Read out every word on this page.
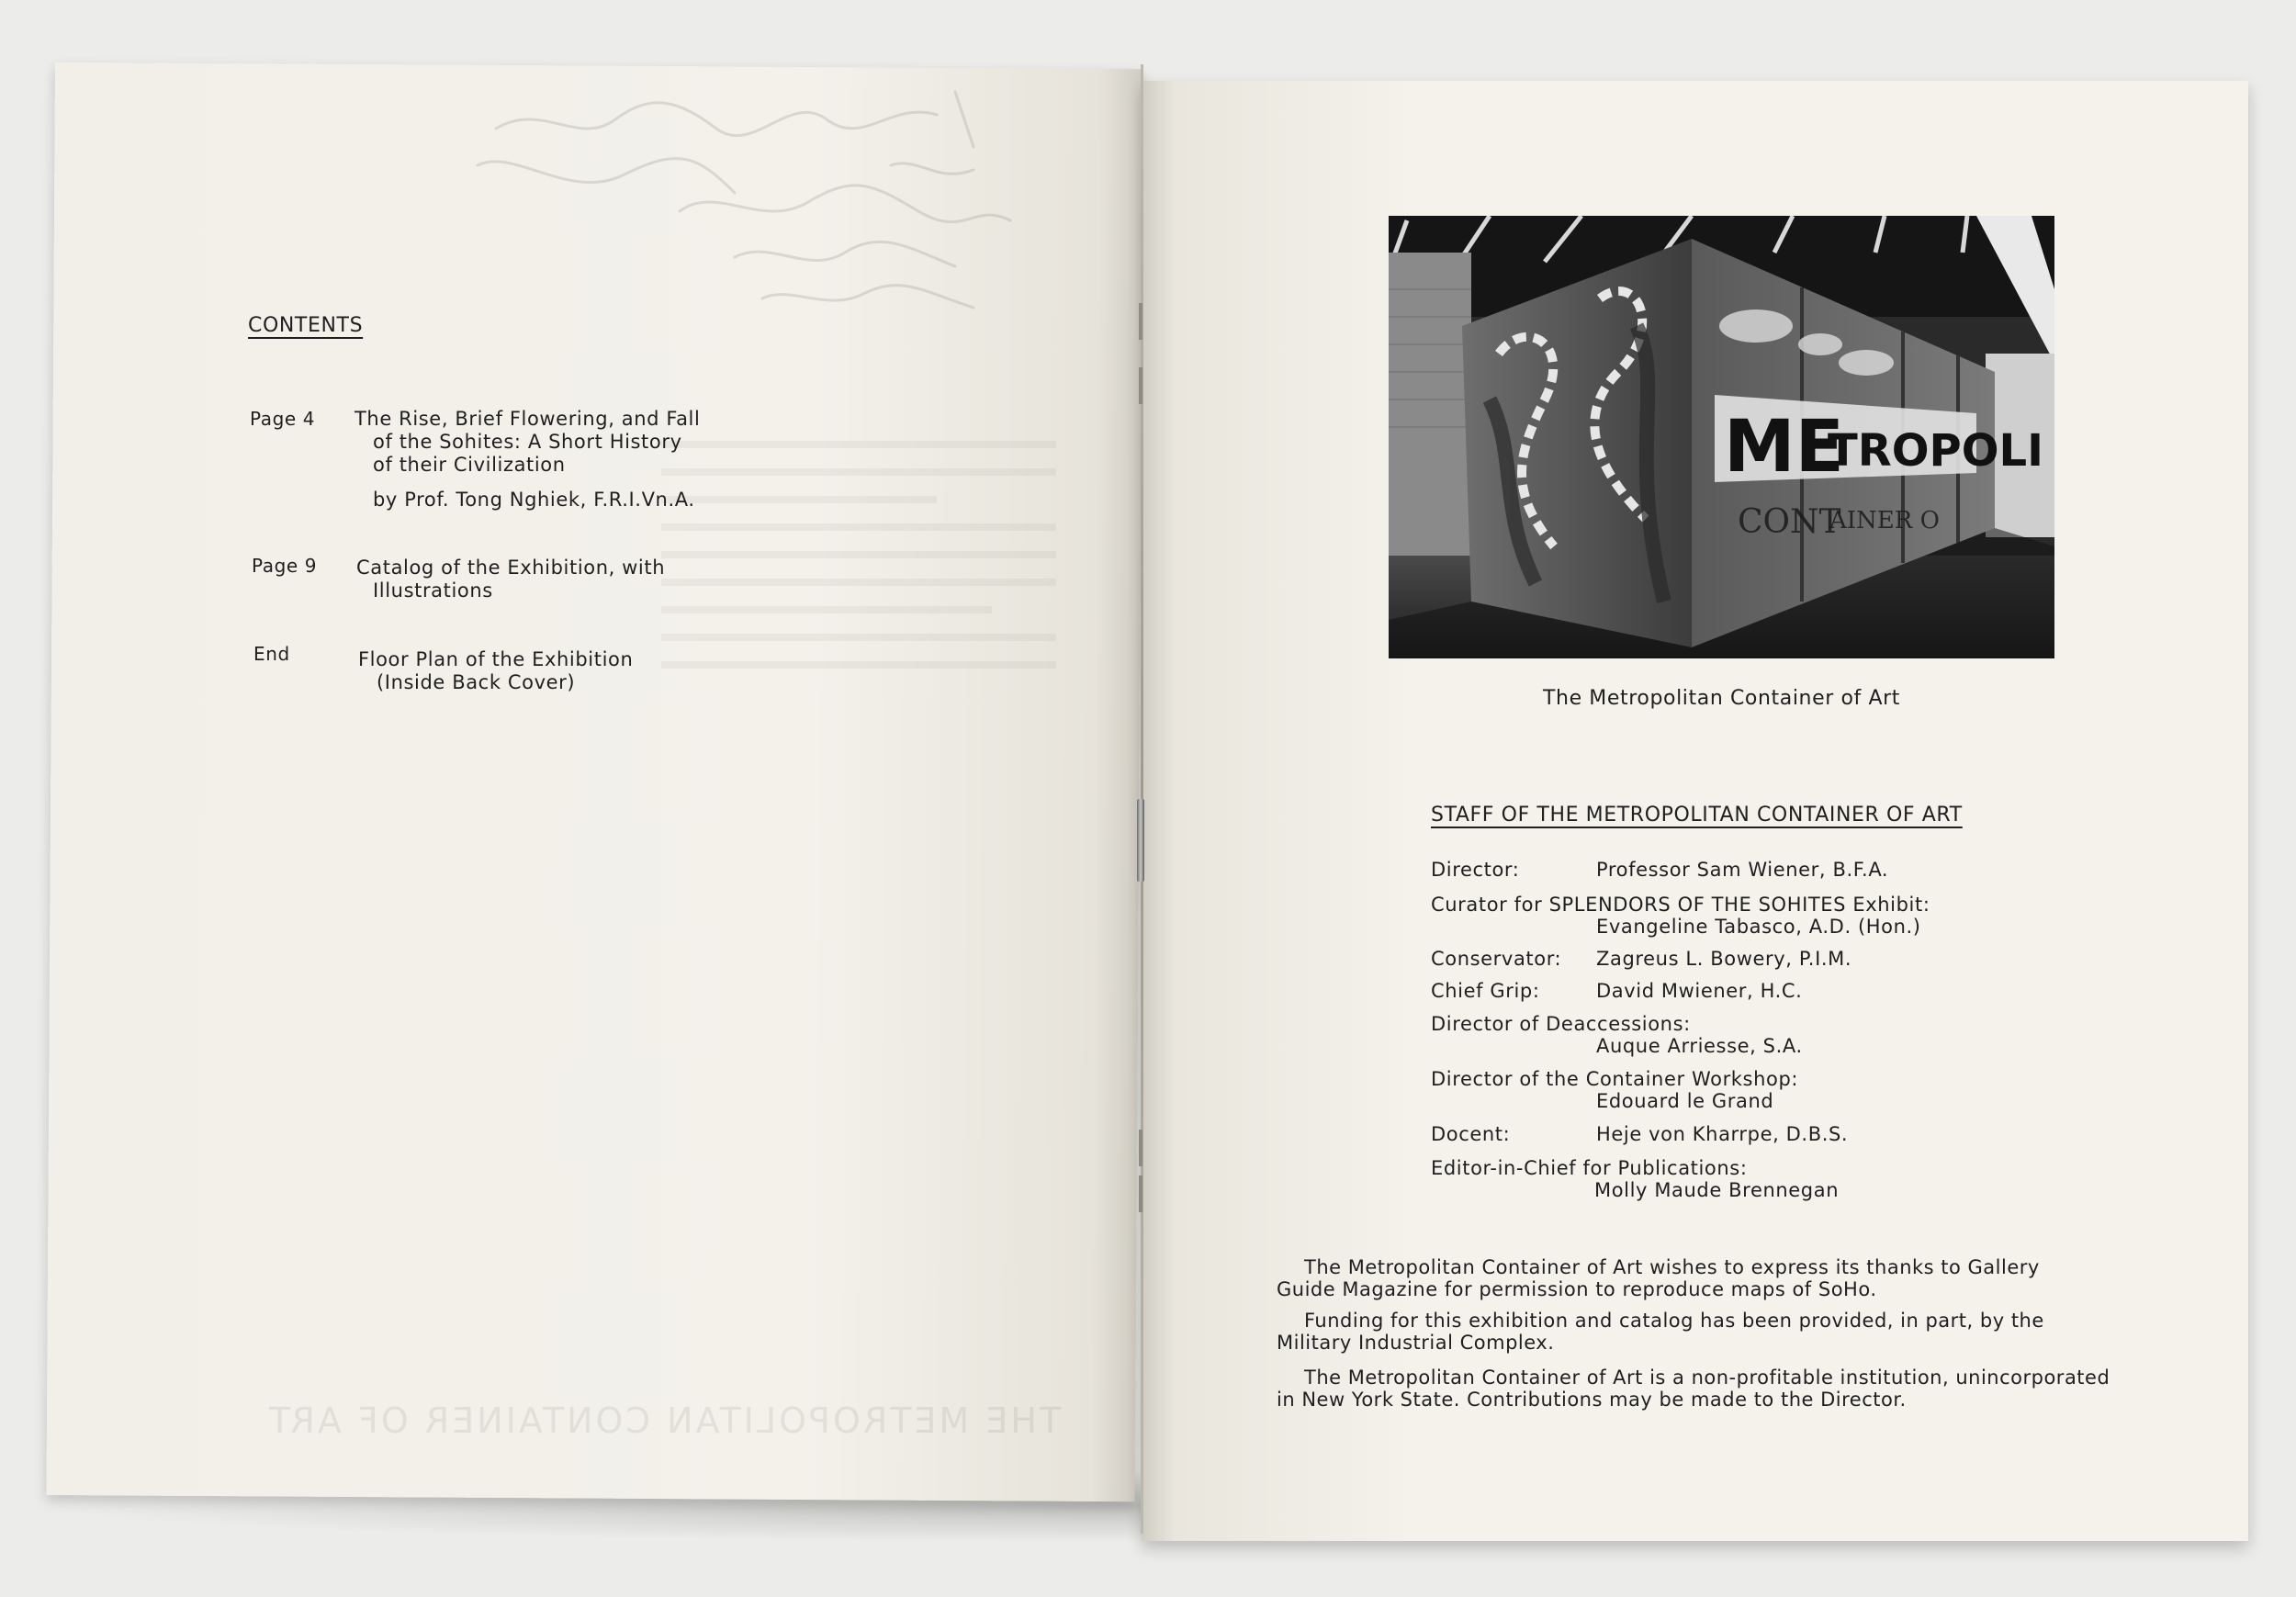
THE METROPOLITAN CONTAINER OF ART
CONTENTS
Page 4 The Rise, Brief Flowering, and Fall
of the Sohites: A Short History
of their Civilization
by Prof. Tong Nghiek, F.R.I.Vn.A.
Page 9 Catalog of the Exhibition, with
Illustrations
End	Floor Plan of the Exhibition
(Inside Back Cover)
ME
TROPOLI
CONT
AINER O
The Metropolitan Container of Art
STAFF OF THE METROPOLITAN CONTAINER OF ART
Director:	Professor Sam Wiener, B.F.A.
Curator for SPLENDORS OF THE SOHITES Exhibit:
Evangeline Tabasco, A.D. (Hon.)
Conservator: Zagreus L. Bowery, P.I.M.
Chief Grip:	David Mwiener, H.C.
Director of Deaccessions:
Auque Arriesse, S.A.
Director of the Container Workshop:
Edouard le Grand
Docent:	Heje von Kharrpe, D.B.S.
Editor-in-Chief for Publications:
Molly Maude Brennegan
The Metropolitan Container of Art wishes to express its thanks to Gallery
Guide Magazine for permission to reproduce maps of SoHo.
Funding for this exhibition and catalog has been provided, in part, by the
Military Industrial Complex.
The Metropolitan Container of Art is a non-profitable institution, unincorporated
in New York State. Contributions may be made to the Director.
